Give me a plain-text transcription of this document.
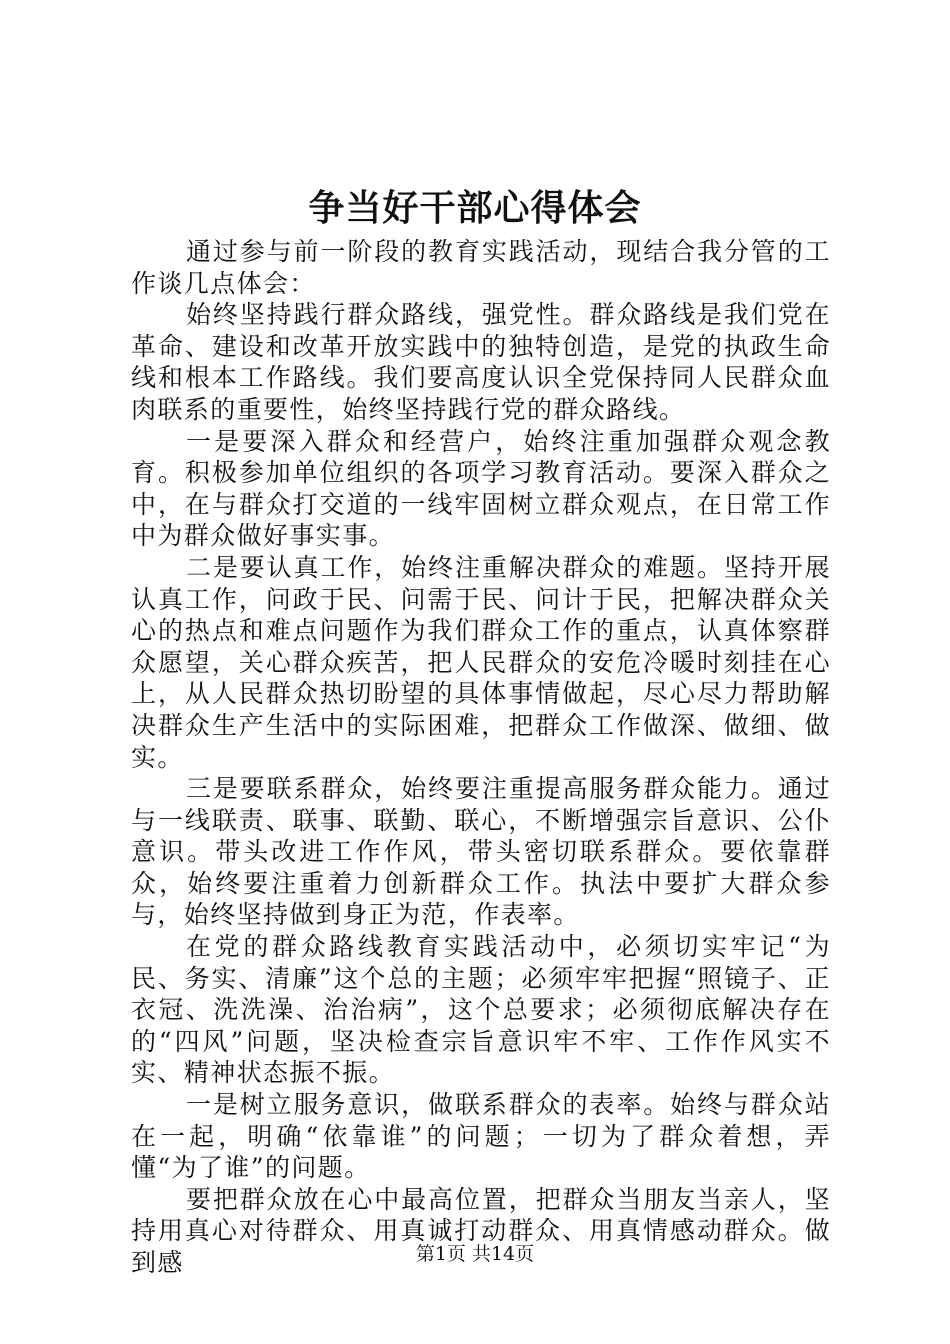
争当好干部心得体会

通过参与前一阶段的教育实践活动，现结合我分管的工作谈几点体会：

始终坚持践行群众路线，强党性。群众路线是我们党在革命、建设和改革开放实践中的独特创造，是党的执政生命线和根本工作路线。我们要高度认识全党保持同人民群众血肉联系的重要性，始终坚持践行党的群众路线。

一是要深入群众和经营户，始终注重加强群众观念教育。积极参加单位组织的各项学习教育活动。要深入群众之中，在与群众打交道的一线牢固树立群众观点，在日常工作中为群众做好事实事。

二是要认真工作，始终注重解决群众的难题。坚持开展认真工作，问政于民、问需于民、问计于民，把解决群众关心的热点和难点问题作为我们群众工作的重点，认真体察群众愿望，关心群众疾苦，把人民群众的安危冷暖时刻挂在心上，从人民群众热切盼望的具体事情做起，尽心尽力帮助解决群众生产生活中的实际困难，把群众工作做深、做细、做实。

三是要联系群众，始终要注重提高服务群众能力。通过与一线联责、联事、联勤、联心，不断增强宗旨意识、公仆意识。带头改进工作作风，带头密切联系群众。要依靠群众，始终要注重着力创新群众工作。执法中要扩大群众参与，始终坚持做到身正为范，作表率。

在党的群众路线教育实践活动中，必须切实牢记“为民、务实、清廉”这个总的主题；必须牢牢把握“照镜子、正衣冠、洗洗澡、治治病”，这个总要求；必须彻底解决存在的“四风”问题，坚决检查宗旨意识牢不牢、工作作风实不实、精神状态振不振。

一是树立服务意识，做联系群众的表率。始终与群众站在一起，明确“依靠谁”的问题；一切为了群众着想，弄懂“为了谁”的问题。

要把群众放在心中最高位置，把群众当朋友当亲人，坚持用真心对待群众、用真诚打动群众、用真情感动群众。做到感	第1页 共14页
